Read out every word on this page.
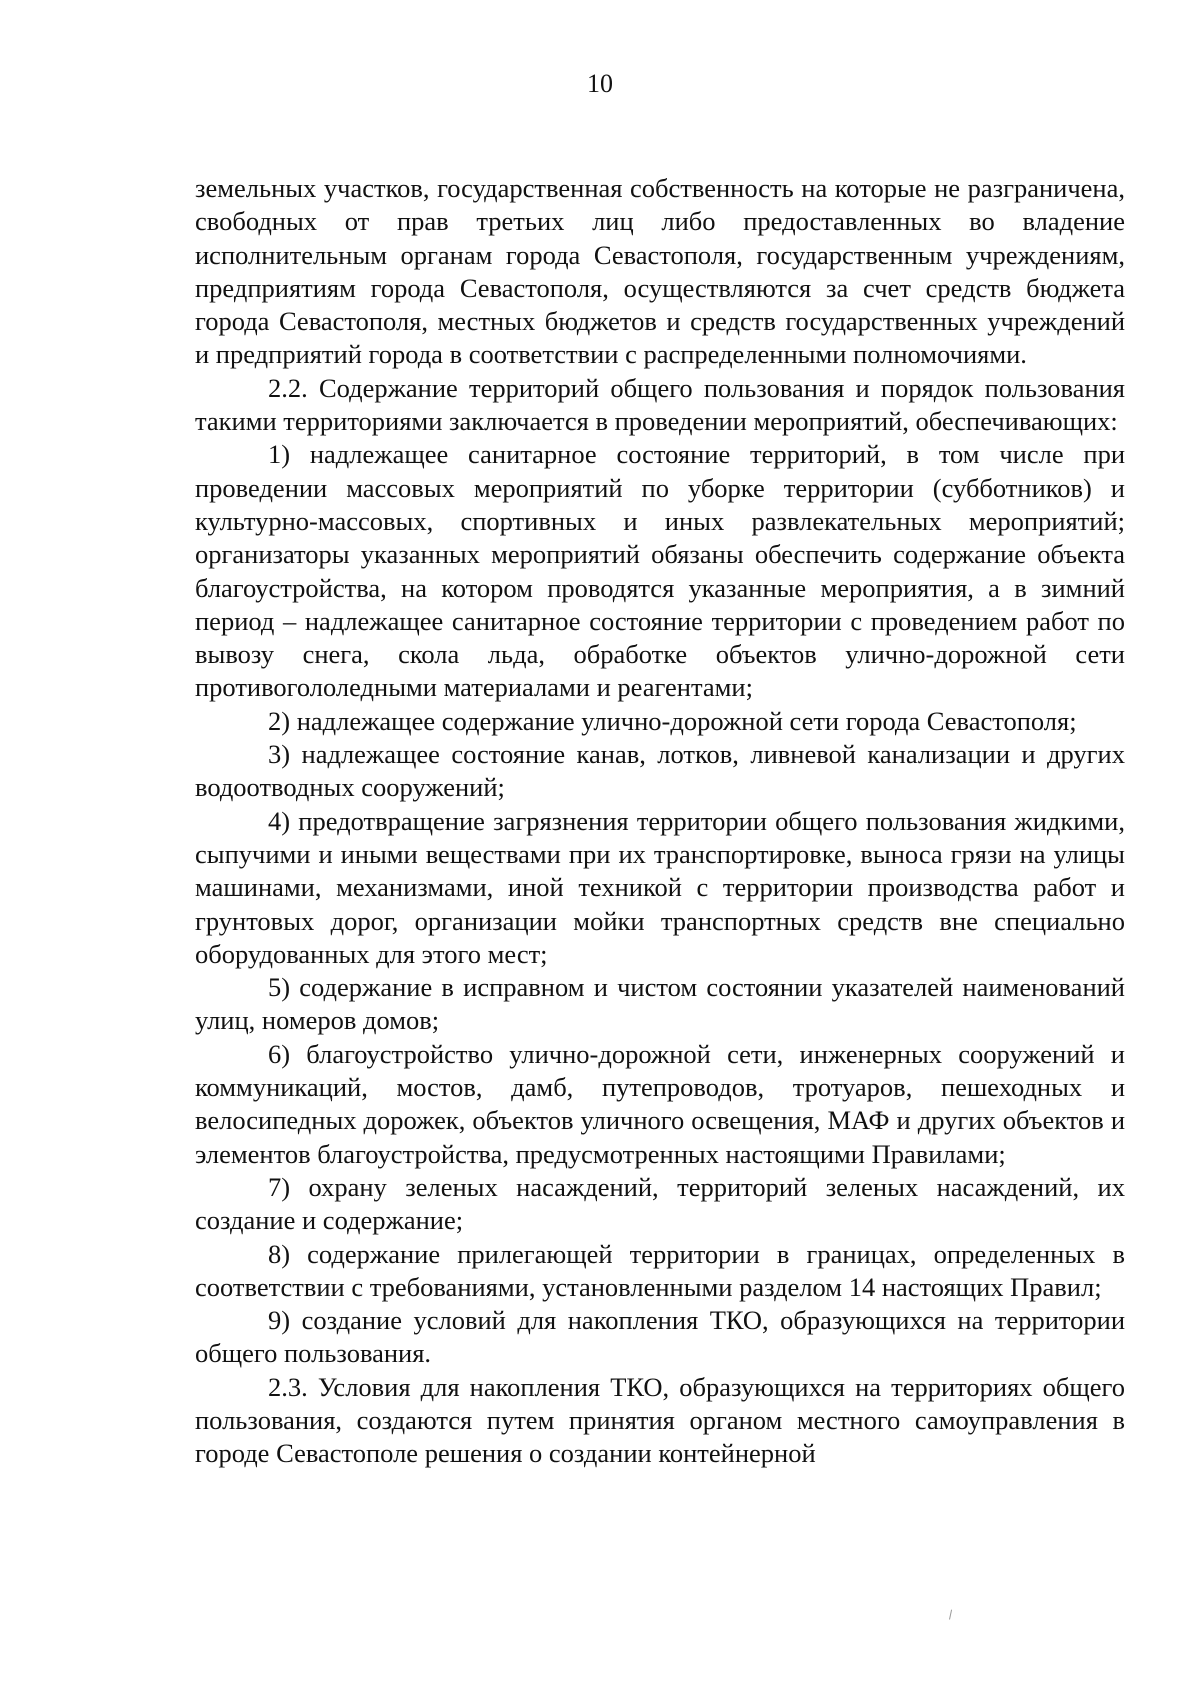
10

земельных участков, государственная собственность на которые не разграничена, свободных от прав третьих лиц либо предоставленных во владение исполнительным органам города Севастополя, государственным учреждениям, предприятиям города Севастополя, осуществляются за счет средств бюджета города Севастополя, местных бюджетов и средств государственных учреждений и предприятий города в соответствии с распределенными полномочиями.

2.2. Содержание территорий общего пользования и порядок пользования такими территориями заключается в проведении мероприятий, обеспечивающих:

1) надлежащее санитарное состояние территорий, в том числе при проведении массовых мероприятий по уборке территории (субботников) и культурно-массовых, спортивных и иных развлекательных мероприятий; организаторы указанных мероприятий обязаны обеспечить содержание объекта благоустройства, на котором проводятся указанные мероприятия, а в зимний период – надлежащее санитарное состояние территории с проведением работ по вывозу снега, скола льда, обработке объектов улично-дорожной сети противогололедными материалами и реагентами;

2) надлежащее содержание улично-дорожной сети города Севастополя;

3) надлежащее состояние канав, лотков, ливневой канализации и других водоотводных сооружений;

4) предотвращение загрязнения территории общего пользования жидкими, сыпучими и иными веществами при их транспортировке, выноса грязи на улицы машинами, механизмами, иной техникой с территории производства работ и грунтовых дорог, организации мойки транспортных средств вне специально оборудованных для этого мест;

5) содержание в исправном и чистом состоянии указателей наименований улиц, номеров домов;

6) благоустройство улично-дорожной сети, инженерных сооружений и коммуникаций, мостов, дамб, путепроводов, тротуаров, пешеходных и велосипедных дорожек, объектов уличного освещения, МАФ и других объектов и элементов благоустройства, предусмотренных настоящими Правилами;

7) охрану зеленых насаждений, территорий зеленых насаждений, их создание и содержание;

8) содержание прилегающей территории в границах, определенных в соответствии с требованиями, установленными разделом 14 настоящих Правил;

9) создание условий для накопления ТКО, образующихся на территории общего пользования.

2.3. Условия для накопления ТКО, образующихся на территориях общего пользования, создаются путем принятия органом местного самоуправления в городе Севастополе решения о создании контейнерной
